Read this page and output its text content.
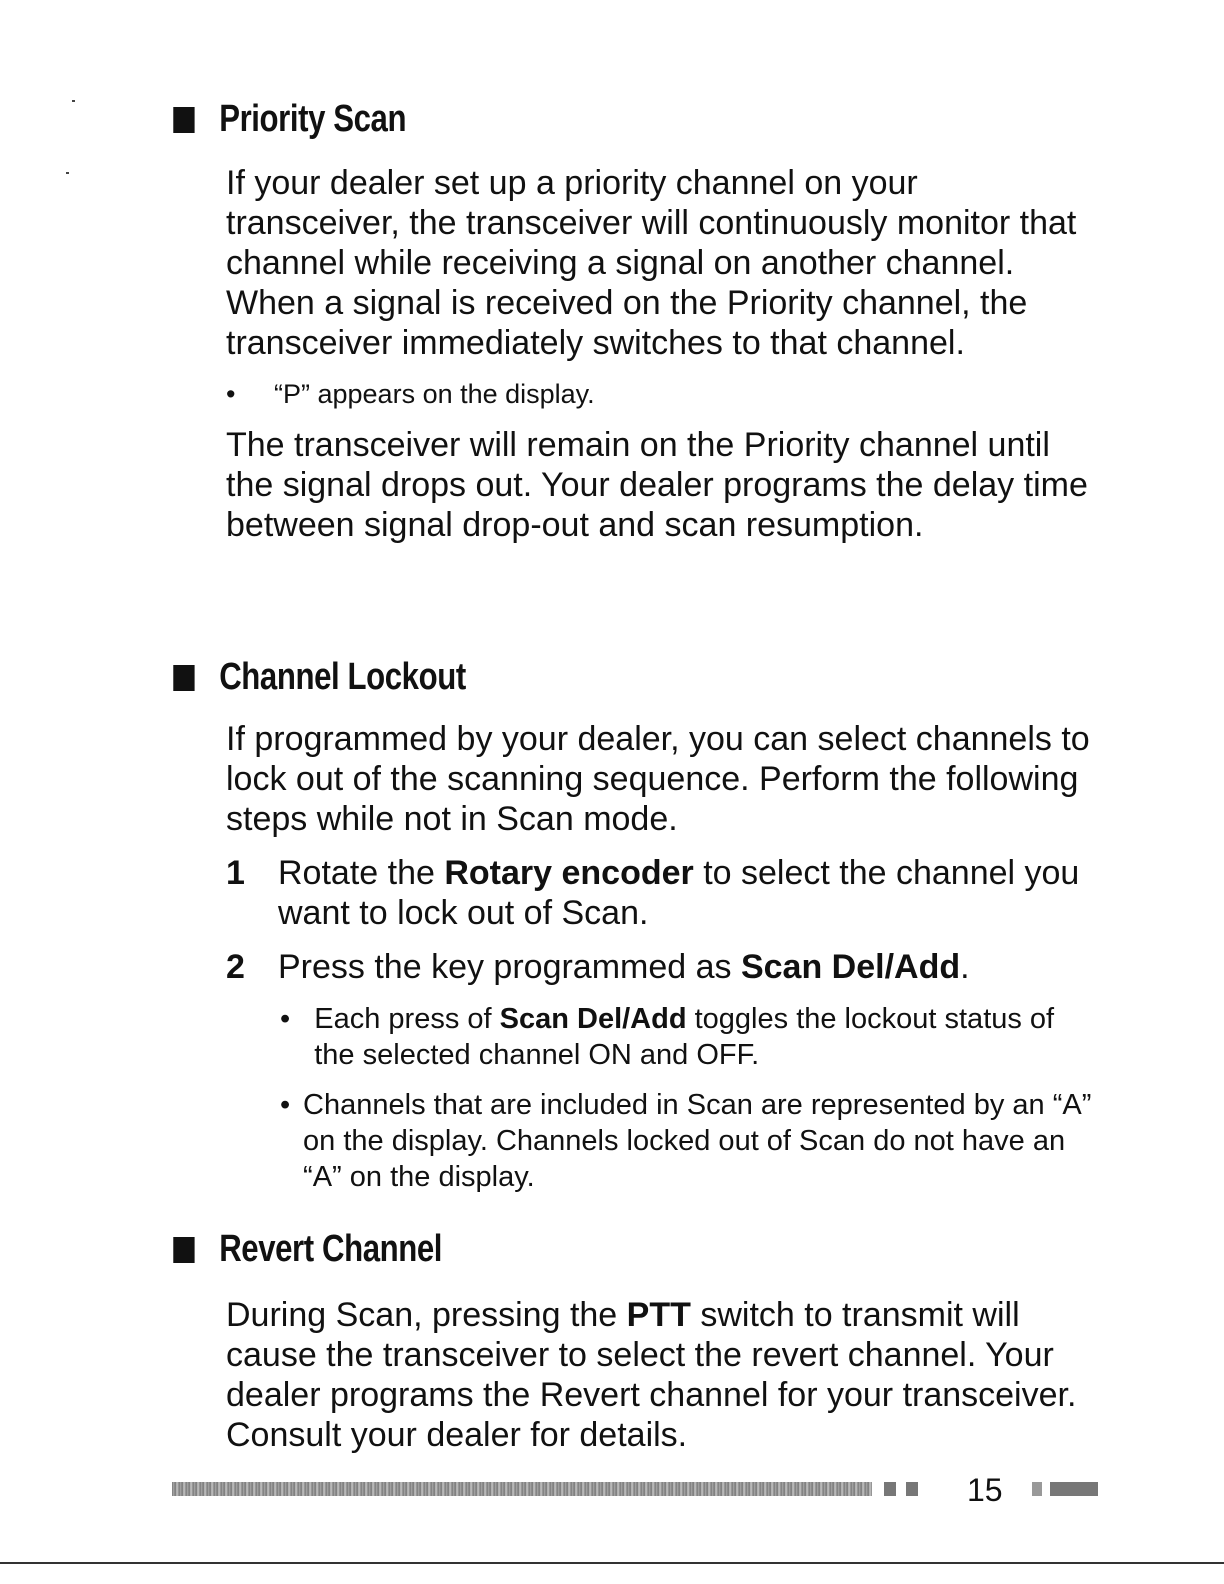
Priority Scan

If your dealer set up a priority channel on your transceiver, the transceiver will continuously monitor that channel while receiving a signal on another channel. When a signal is received on the Priority channel, the transceiver immediately switches to that channel.

•	“P” appears on the display.

The transceiver will remain on the Priority channel until the signal drops out. Your dealer programs the delay time between signal drop-out and scan resumption.

Channel Lockout

If programmed by your dealer, you can select channels to lock out of the scanning sequence. Perform the following steps while not in Scan mode.

1 Rotate the Rotary encoder to select the channel you want to lock out of Scan.
2 Press the key programmed as Scan Del/Add.
• Each press of Scan Del/Add toggles the lockout status of the selected channel ON and OFF.
• Channels that are included in Scan are represented by an “A” on the display. Channels locked out of Scan do not have an “A” on the display.
Revert Channel

During Scan, pressing the PTT switch to transmit will cause the transceiver to select the revert channel. Your dealer programs the Revert channel for your transceiver. Consult your dealer for details.

15
